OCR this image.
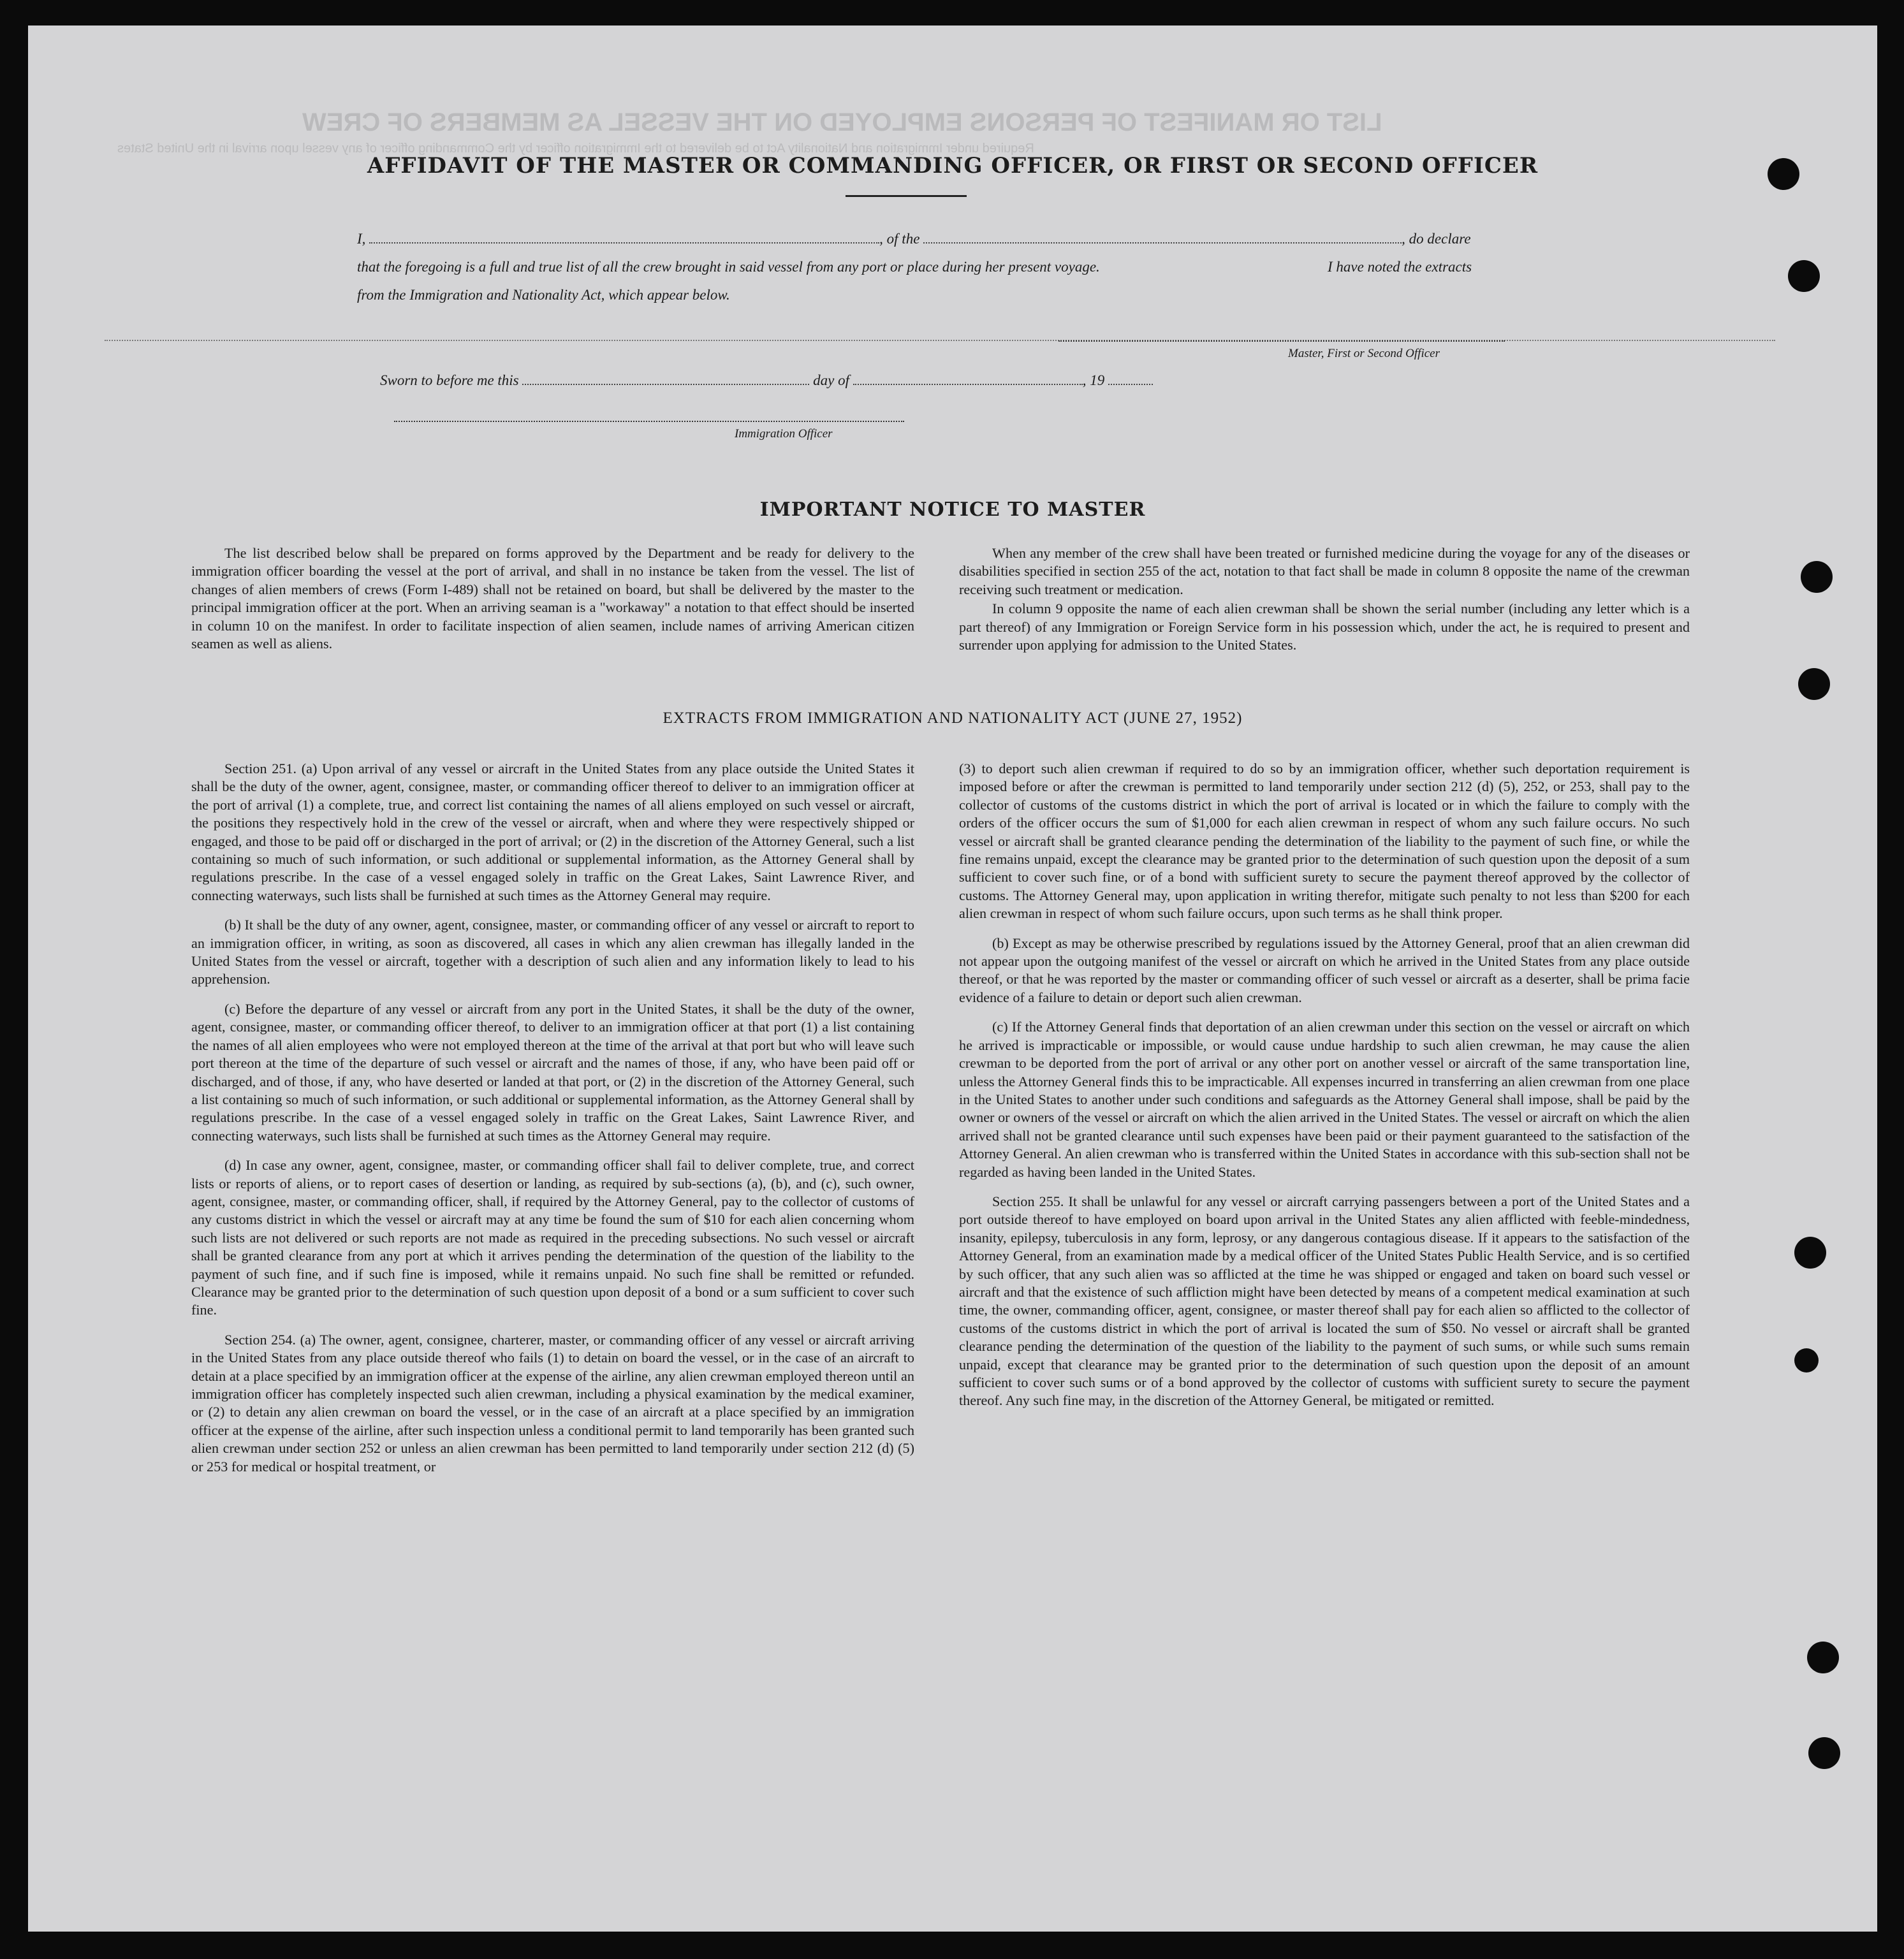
LIST OR MANIFEST OF PERSONS EMPLOYED ON THE VESSEL AS MEMBERS OF CREW
Required under Immigration and Nationality Act to be delivered to the Immigration officer by the Commanding officer of any vessel upon arrival in the United States
AFFIDAVIT OF THE MASTER OR COMMANDING OFFICER, OR FIRST OR SECOND OFFICER
I,	, of the	, do declare
that the foregoing is a full and true list of all the crew brought in said vessel from any port or place during her present voyage.	I have noted the extracts
from the Immigration and Nationality Act, which appear below.
Master, First or Second Officer
Sworn to before me this	day of	, 19
Immigration Officer
IMPORTANT NOTICE TO MASTER

The list described below shall be prepared on forms approved by the Department and be ready for delivery to the immigration officer boarding the vessel at the port of arrival, and shall in no instance be taken from the vessel. The list of changes of alien members of crews (Form I-489) shall not be retained on board, but shall be delivered by the master to the principal immigration officer at the port. When an arriving seaman is a "workaway" a notation to that effect should be inserted in column 10 on the manifest. In order to facilitate inspection of alien seamen, include names of arriving American citizen seamen as well as aliens.

When any member of the crew shall have been treated or furnished medicine during the voyage for any of the diseases or disabilities specified in section 255 of the act, notation to that fact shall be made in column 8 opposite the name of the crewman receiving such treatment or medication.

In column 9 opposite the name of each alien crewman shall be shown the serial number (including any letter which is a part thereof) of any Immigration or Foreign Service form in his possession which, under the act, he is required to present and surrender upon applying for admission to the United States.

EXTRACTS FROM IMMIGRATION AND NATIONALITY ACT (JUNE 27, 1952)

Section 251. (a) Upon arrival of any vessel or aircraft in the United States from any place outside the United States it shall be the duty of the owner, agent, consignee, master, or commanding officer thereof to deliver to an immigration officer at the port of arrival (1) a complete, true, and correct list containing the names of all aliens employed on such vessel or aircraft, the positions they respectively hold in the crew of the vessel or aircraft, when and where they were respectively shipped or engaged, and those to be paid off or discharged in the port of arrival; or (2) in the discretion of the Attorney General, such a list containing so much of such information, or such additional or supplemental information, as the Attorney General shall by regulations prescribe. In the case of a vessel engaged solely in traffic on the Great Lakes, Saint Lawrence River, and connecting waterways, such lists shall be furnished at such times as the Attorney General may require.

(b) It shall be the duty of any owner, agent, consignee, master, or commanding officer of any vessel or aircraft to report to an immigration officer, in writing, as soon as discovered, all cases in which any alien crewman has illegally landed in the United States from the vessel or aircraft, together with a description of such alien and any information likely to lead to his apprehension.

(c) Before the departure of any vessel or aircraft from any port in the United States, it shall be the duty of the owner, agent, consignee, master, or commanding officer thereof, to deliver to an immigration officer at that port (1) a list containing the names of all alien employees who were not employed thereon at the time of the arrival at that port but who will leave such port thereon at the time of the departure of such vessel or aircraft and the names of those, if any, who have been paid off or discharged, and of those, if any, who have deserted or landed at that port, or (2) in the discretion of the Attorney General, such a list containing so much of such information, or such additional or supplemental information, as the Attorney General shall by regulations prescribe. In the case of a vessel engaged solely in traffic on the Great Lakes, Saint Lawrence River, and connecting waterways, such lists shall be furnished at such times as the Attorney General may require.

(d) In case any owner, agent, consignee, master, or commanding officer shall fail to deliver complete, true, and correct lists or reports of aliens, or to report cases of desertion or landing, as required by sub-sections (a), (b), and (c), such owner, agent, consignee, master, or commanding officer, shall, if required by the Attorney General, pay to the collector of customs of any customs district in which the vessel or aircraft may at any time be found the sum of $10 for each alien concerning whom such lists are not delivered or such reports are not made as required in the preceding subsections. No such vessel or aircraft shall be granted clearance from any port at which it arrives pending the determination of the question of the liability to the payment of such fine, and if such fine is imposed, while it remains unpaid. No such fine shall be remitted or refunded. Clearance may be granted prior to the determination of such question upon deposit of a bond or a sum sufficient to cover such fine.

Section 254. (a) The owner, agent, consignee, charterer, master, or commanding officer of any vessel or aircraft arriving in the United States from any place outside thereof who fails (1) to detain on board the vessel, or in the case of an aircraft to detain at a place specified by an immigration officer at the expense of the airline, any alien crewman employed thereon until an immigration officer has completely inspected such alien crewman, including a physical examination by the medical examiner, or (2) to detain any alien crewman on board the vessel, or in the case of an aircraft at a place specified by an immigration officer at the expense of the airline, after such inspection unless a conditional permit to land temporarily has been granted such alien crewman under section 252 or unless an alien crewman has been permitted to land temporarily under section 212 (d) (5) or 253 for medical or hospital treatment, or

(3) to deport such alien crewman if required to do so by an immigration officer, whether such deportation requirement is imposed before or after the crewman is permitted to land temporarily under section 212 (d) (5), 252, or 253, shall pay to the collector of customs of the customs district in which the port of arrival is located or in which the failure to comply with the orders of the officer occurs the sum of $1,000 for each alien crewman in respect of whom any such failure occurs. No such vessel or aircraft shall be granted clearance pending the determination of the liability to the payment of such fine, or while the fine remains unpaid, except the clearance may be granted prior to the determination of such question upon the deposit of a sum sufficient to cover such fine, or of a bond with sufficient surety to secure the payment thereof approved by the collector of customs. The Attorney General may, upon application in writing therefor, mitigate such penalty to not less than $200 for each alien crewman in respect of whom such failure occurs, upon such terms as he shall think proper.

(b) Except as may be otherwise prescribed by regulations issued by the Attorney General, proof that an alien crewman did not appear upon the outgoing manifest of the vessel or aircraft on which he arrived in the United States from any place outside thereof, or that he was reported by the master or commanding officer of such vessel or aircraft as a deserter, shall be prima facie evidence of a failure to detain or deport such alien crewman.

(c) If the Attorney General finds that deportation of an alien crewman under this section on the vessel or aircraft on which he arrived is impracticable or impossible, or would cause undue hardship to such alien crewman, he may cause the alien crewman to be deported from the port of arrival or any other port on another vessel or aircraft of the same transportation line, unless the Attorney General finds this to be impracticable. All expenses incurred in transferring an alien crewman from one place in the United States to another under such conditions and safeguards as the Attorney General shall impose, shall be paid by the owner or owners of the vessel or aircraft on which the alien arrived in the United States. The vessel or aircraft on which the alien arrived shall not be granted clearance until such expenses have been paid or their payment guaranteed to the satisfaction of the Attorney General. An alien crewman who is transferred within the United States in accordance with this sub-section shall not be regarded as having been landed in the United States.

Section 255. It shall be unlawful for any vessel or aircraft carrying passengers between a port of the United States and a port outside thereof to have employed on board upon arrival in the United States any alien afflicted with feeble-mindedness, insanity, epilepsy, tuberculosis in any form, leprosy, or any dangerous contagious disease. If it appears to the satisfaction of the Attorney General, from an examination made by a medical officer of the United States Public Health Service, and is so certified by such officer, that any such alien was so afflicted at the time he was shipped or engaged and taken on board such vessel or aircraft and that the existence of such affliction might have been detected by means of a competent medical examination at such time, the owner, commanding officer, agent, consignee, or master thereof shall pay for each alien so afflicted to the collector of customs of the customs district in which the port of arrival is located the sum of $50. No vessel or aircraft shall be granted clearance pending the determination of the question of the liability to the payment of such sums, or while such sums remain unpaid, except that clearance may be granted prior to the determination of such question upon the deposit of an amount sufficient to cover such sums or of a bond approved by the collector of customs with sufficient surety to secure the payment thereof. Any such fine may, in the discretion of the Attorney General, be mitigated or remitted.
